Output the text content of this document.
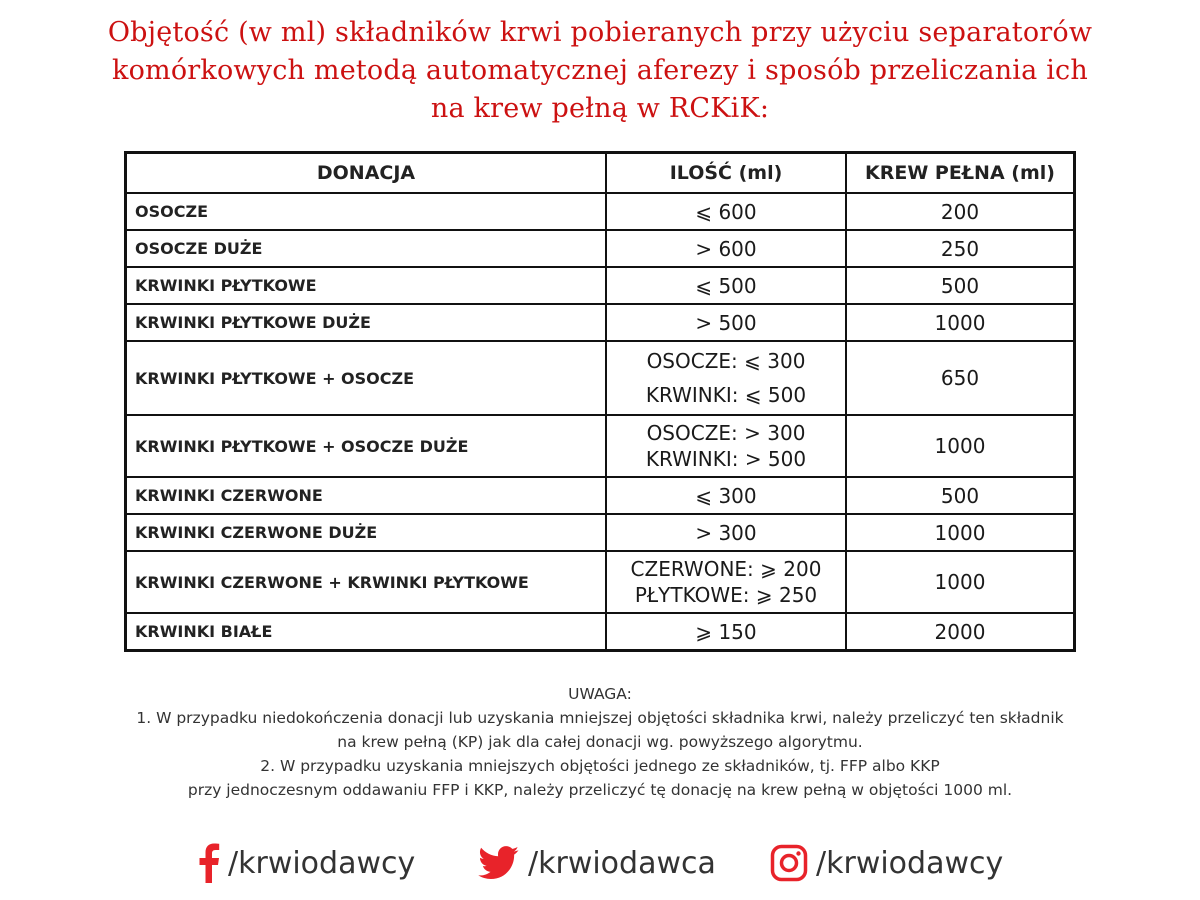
Objętość (w ml) składników krwi pobieranych przy użyciu separatorów
komórkowych metodą automatycznej aferezy i sposób przeliczania ich
na krew pełną w RCKiK:
DONACJA	ILOŚĆ (ml)	KREW PEŁNA (ml)
OSOCZE	⩽ 600	200
OSOCZE DUŻE	> 600	250
KRWINKI PŁYTKOWE	⩽ 500	500
KRWINKI PŁYTKOWE DUŻE	> 500	1000
KRWINKI PŁYTKOWE + OSOCZE	OSOCZE: ⩽ 300
KRWINKI: ⩽ 500	650
KRWINKI PŁYTKOWE + OSOCZE DUŻE	OSOCZE: > 300
KRWINKI: > 500	1000
KRWINKI CZERWONE	⩽ 300	500
KRWINKI CZERWONE DUŻE	> 300	1000
KRWINKI CZERWONE + KRWINKI PŁYTKOWE	CZERWONE: ⩾ 200
PŁYTKOWE: ⩾ 250	1000
KRWINKI BIAŁE	⩾ 150	2000
UWAGA:
1. W przypadku niedokończenia donacji lub uzyskania mniejszej objętości składnika krwi, należy przeliczyć ten składnik
na krew pełną (KP) jak dla całej donacji wg. powyższego algorytmu.
2. W przypadku uzyskania mniejszych objętości jednego ze składników, tj. FFP albo KKP
przy jednoczesnym oddawaniu FFP i KKP, należy przeliczyć tę donację na krew pełną w objętości 1000 ml.
/krwiodawcy	/krwiodawca	/krwiodawcy
